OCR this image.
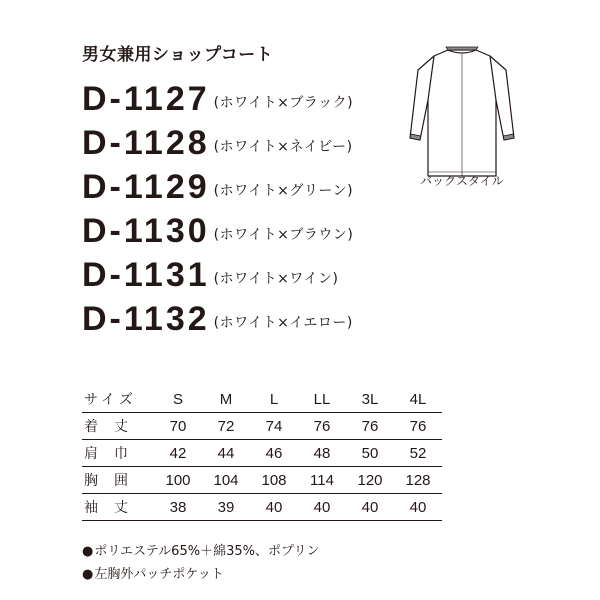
男女兼用ショップコート
D-1127 (ホワイト×ブラック)
D-1128 (ホワイト×ネイビー)
D-1129 (ホワイト×グリーン)
D-1130 (ホワイト×ブラウン)
D-1131 (ホワイト×ワイン)
D-1132 (ホワイト×イエロー)
バックスタイル
サイズ	S	M	L	LL	3L	4L
着丈	70	72	74	76	76	76
肩巾	42	44	46	48	50	52
胸囲	100	104	108	114	120	128
袖丈	38	39	40	40	40	40
● ポリエステル65%＋綿35%、ポプリン
● 左胸外パッチポケット
